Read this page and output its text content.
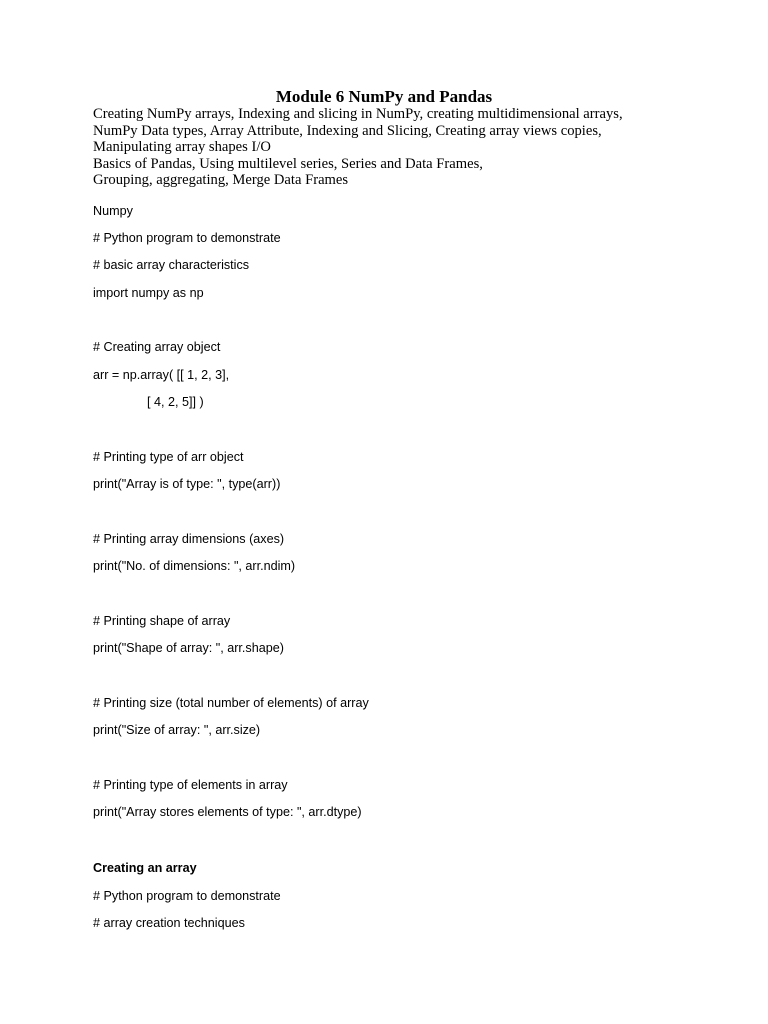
Module 6 NumPy and Pandas
Creating NumPy arrays, Indexing and slicing in NumPy, creating multidimensional arrays,
NumPy Data types, Array Attribute, Indexing and Slicing, Creating array views copies,
Manipulating array shapes I/O
Basics of Pandas, Using multilevel series, Series and Data Frames,
Grouping, aggregating, Merge Data Frames
Numpy
# Python program to demonstrate
# basic array characteristics
import numpy as np
# Creating array object
arr = np.array( [[ 1, 2, 3],
[ 4, 2, 5]] )
# Printing type of arr object
print("Array is of type: ", type(arr))
# Printing array dimensions (axes)
print("No. of dimensions: ", arr.ndim)
# Printing shape of array
print("Shape of array: ", arr.shape)
# Printing size (total number of elements) of array
print("Size of array: ", arr.size)
# Printing type of elements in array
print("Array stores elements of type: ", arr.dtype)
Creating an array
# Python program to demonstrate
# array creation techniques
